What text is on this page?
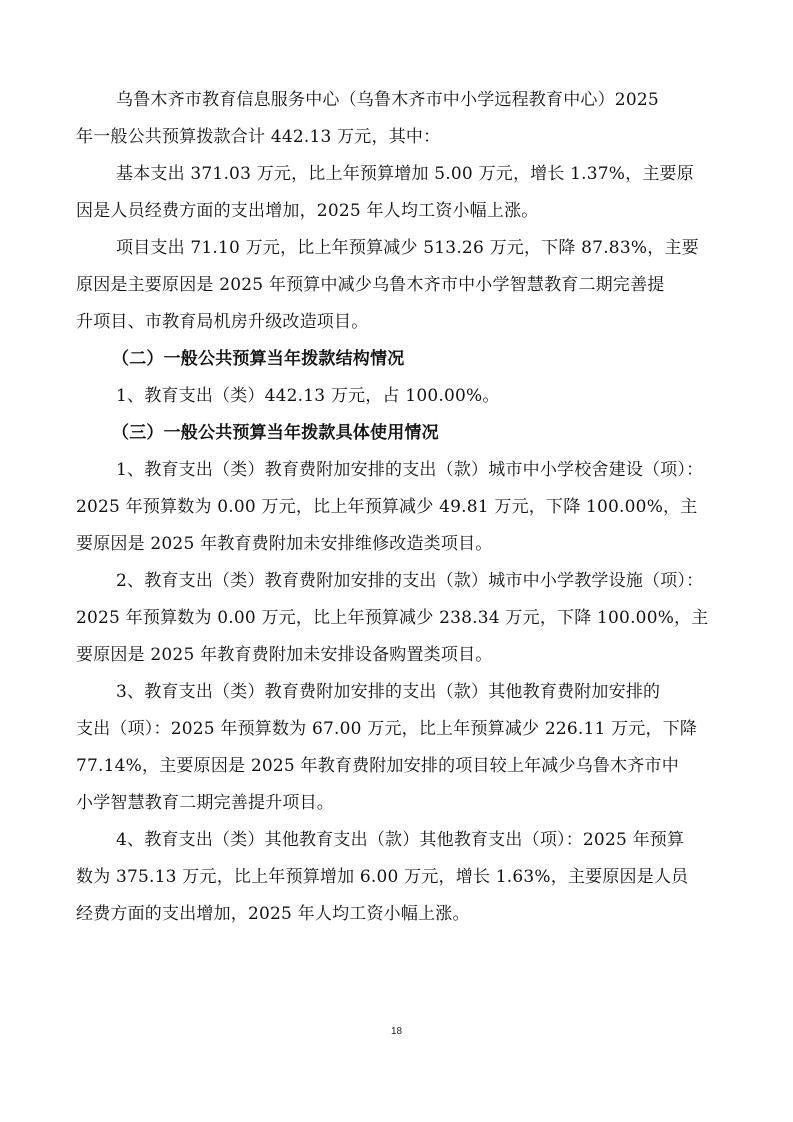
乌鲁木齐市教育信息服务中心（乌鲁木齐市中小学远程教育中心）2025
年一般公共预算拨款合计 442.13 万元，其中：
基本支出 371.03 万元，比上年预算增加 5.00 万元，增长 1.37%，主要原
因是人员经费方面的支出增加，2025 年人均工资小幅上涨。
项目支出 71.10 万元，比上年预算减少 513.26 万元，下降 87.83%，主要
原因是主要原因是 2025 年预算中减少乌鲁木齐市中小学智慧教育二期完善提
升项目、市教育局机房升级改造项目。
（二）一般公共预算当年拨款结构情况
1、教育支出（类）442.13 万元，占 100.00%。
（三）一般公共预算当年拨款具体使用情况
1、教育支出（类）教育费附加安排的支出（款）城市中小学校舍建设（项）：
2025 年预算数为 0.00 万元，比上年预算减少 49.81 万元，下降 100.00%，主
要原因是 2025 年教育费附加未安排维修改造类项目。
2、教育支出（类）教育费附加安排的支出（款）城市中小学教学设施（项）：
2025 年预算数为 0.00 万元，比上年预算减少 238.34 万元，下降 100.00%，主
要原因是 2025 年教育费附加未安排设备购置类项目。
3、教育支出（类）教育费附加安排的支出（款）其他教育费附加安排的
支出（项）：2025 年预算数为 67.00 万元，比上年预算减少 226.11 万元，下降
77.14%，主要原因是 2025 年教育费附加安排的项目较上年减少乌鲁木齐市中
小学智慧教育二期完善提升项目。
4、教育支出（类）其他教育支出（款）其他教育支出（项）：2025 年预算
数为 375.13 万元，比上年预算增加 6.00 万元，增长 1.63%，主要原因是人员
经费方面的支出增加，2025 年人均工资小幅上涨。
18
